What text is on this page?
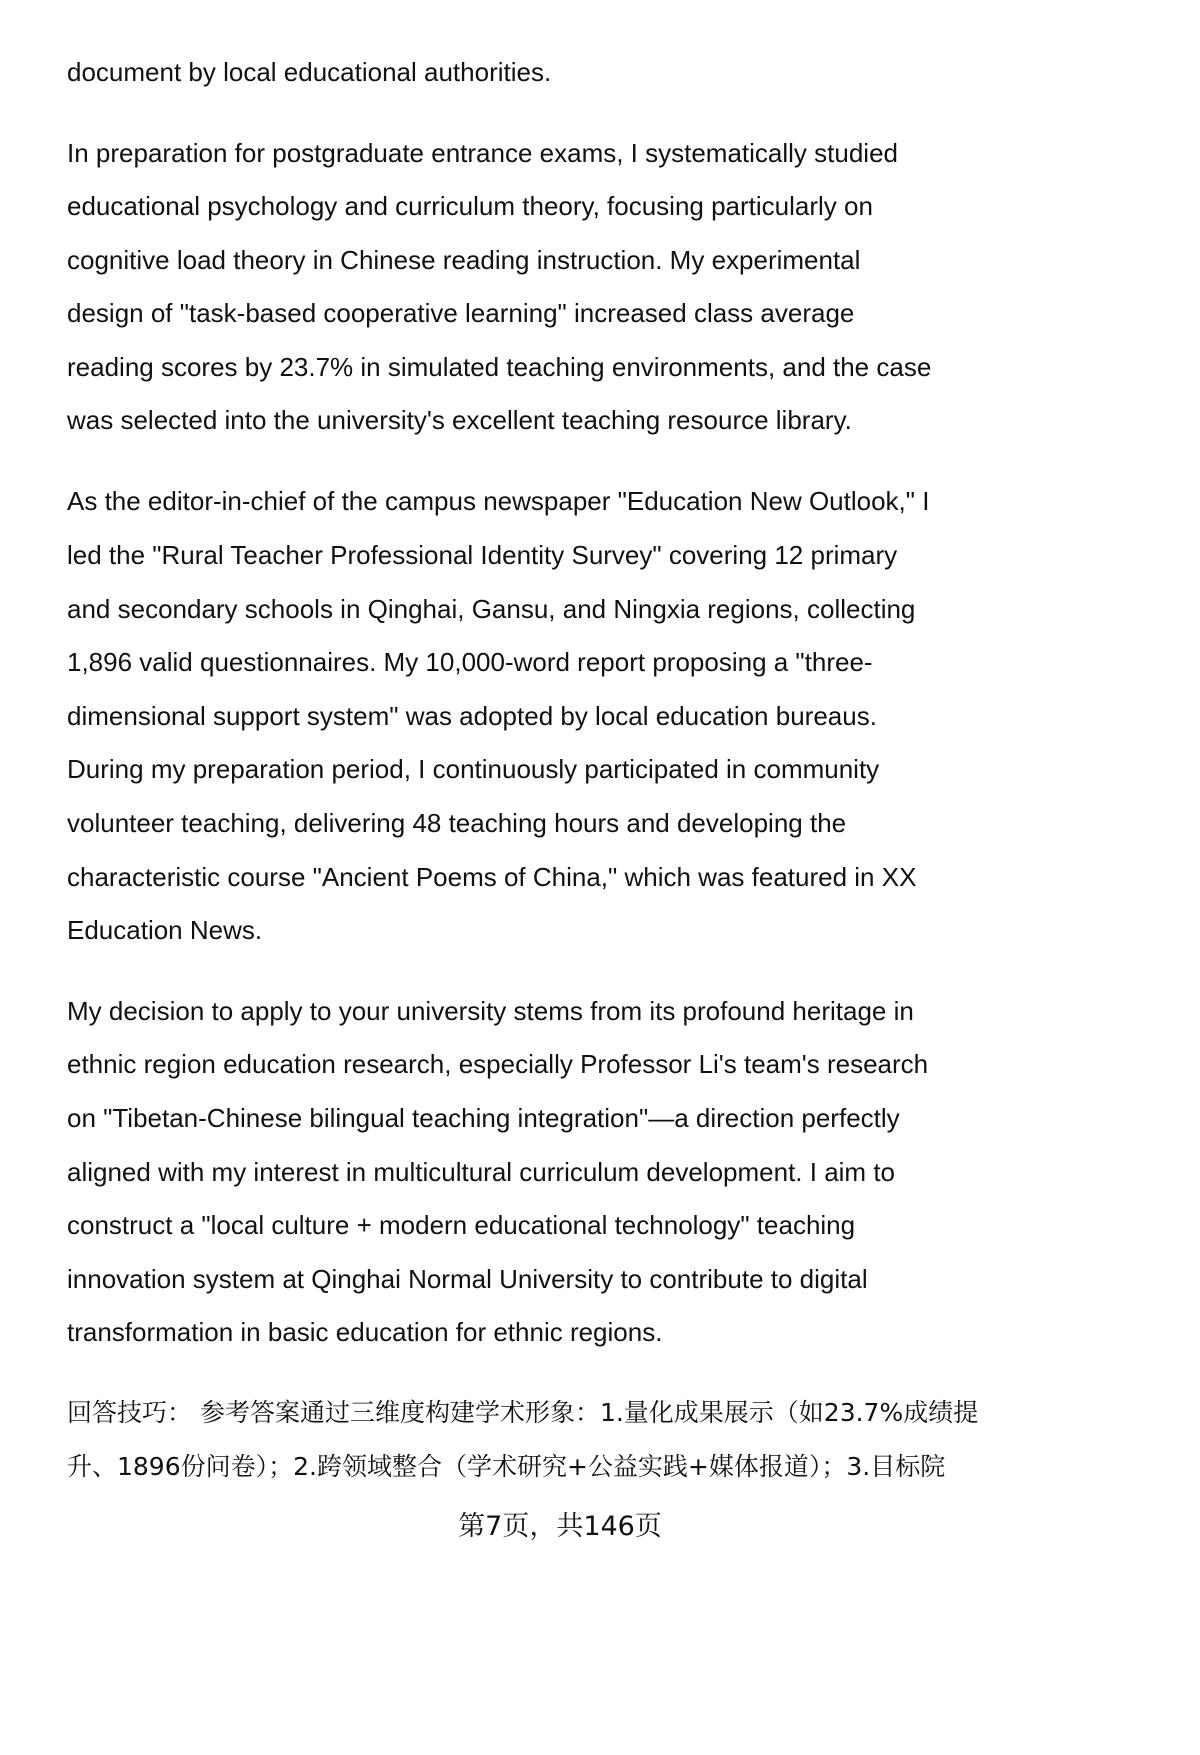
document by local educational authorities.
In preparation for postgraduate entrance exams, I systematically studied
educational psychology and curriculum theory, focusing particularly on
cognitive load theory in Chinese reading instruction. My experimental
design of "task-based cooperative learning" increased class average
reading scores by 23.7% in simulated teaching environments, and the case
was selected into the university's excellent teaching resource library.
As the editor-in-chief of the campus newspaper "Education New Outlook," I
led the "Rural Teacher Professional Identity Survey" covering 12 primary
and secondary schools in Qinghai, Gansu, and Ningxia regions, collecting
1,896 valid questionnaires. My 10,000-word report proposing a "three-
dimensional support system" was adopted by local education bureaus.
During my preparation period, I continuously participated in community
volunteer teaching, delivering 48 teaching hours and developing the
characteristic course "Ancient Poems of China," which was featured in XX
Education News.
My decision to apply to your university stems from its profound heritage in
ethnic region education research, especially Professor Li's team's research
on "Tibetan-Chinese bilingual teaching integration"—a direction perfectly
aligned with my interest in multicultural curriculum development. I aim to
construct a "local culture + modern educational technology" teaching
innovation system at Qinghai Normal University to contribute to digital
transformation in basic education for ethnic regions.
回答技巧： 参考答案通过三维度构建学术形象：1.量化成果展示（如23.7%成绩提
升、1896份问卷）；2.跨领域整合（学术研究+公益实践+媒体报道）；3.目标院
第7页，共146页
